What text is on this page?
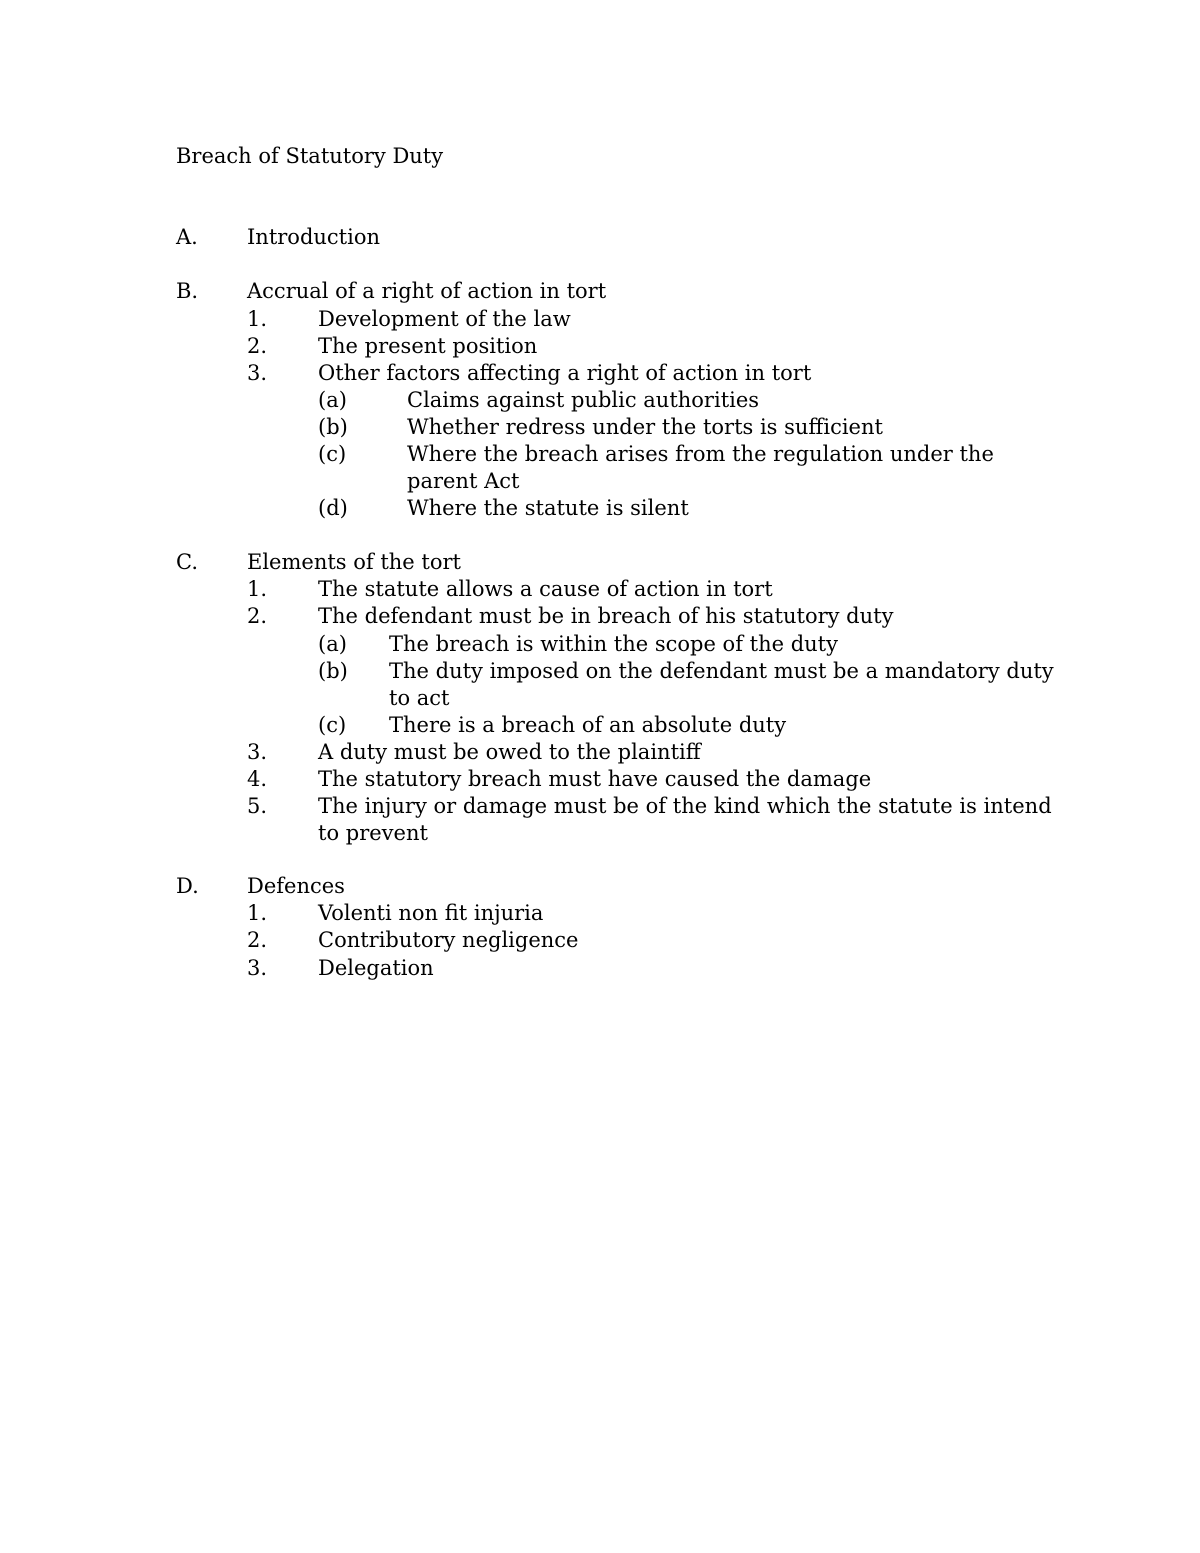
Breach of Statutory Duty
A. Introduction
B. Accrual of a right of action in tort
1. Development of the law
2. The present position
3. Other factors affecting a right of action in tort
(a)	Claims against public authorities
(b)	Whether redress under the torts is sufficient
(c)	Where the breach arises from the regulation under the
parent Act
(d)	Where the statute is silent
C. Elements of the tort
1. The statute allows a cause of action in tort
2. The defendant must be in breach of his statutory duty
(a) The breach is within the scope of the duty
(b) The duty imposed on the defendant must be a mandatory duty
to act
(c) There is a breach of an absolute duty
3. A duty must be owed to the plaintiff
4. The statutory breach must have caused the damage
5. The injury or damage must be of the kind which the statute is intend
to prevent
D. Defences
1. Volenti non fit injuria
2. Contributory negligence
3. Delegation
